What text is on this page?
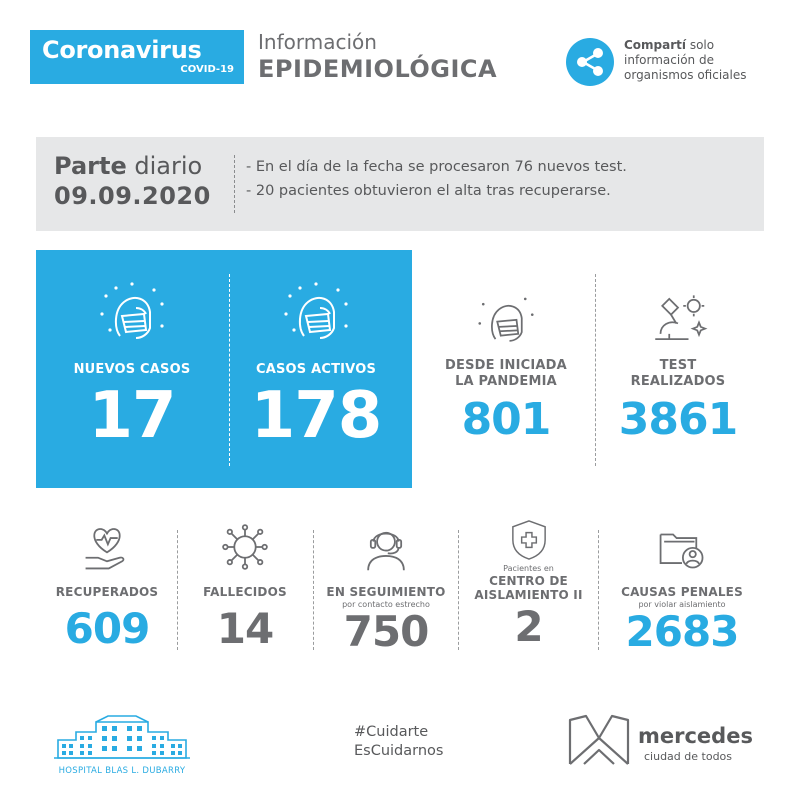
Coronavirus
COVID-19
Información
EPIDEMIOLÓGICA
Compartí solo
información de
organismos oficiales
Parte diario
09.09.2020
- En el día de la fecha se procesaron 76 nuevos test.
- 20 pacientes obtuvieron el alta tras recuperarse.
NUEVOS CASOS
17
CASOS ACTIVOS
178
DESDE INICIADA
LA PANDEMIA
801
TEST
REALIZADOS
3861
RECUPERADOS
609
FALLECIDOS
14
EN SEGUIMIENTO
por contacto estrecho
750
Pacientes en
CENTRO DE
AISLAMIENTO II
2
CAUSAS PENALES
por violar aislamiento
2683
HOSPITAL BLAS L. DUBARRY
#Cuidarte
EsCuidarnos
mercedes
ciudad de todos
